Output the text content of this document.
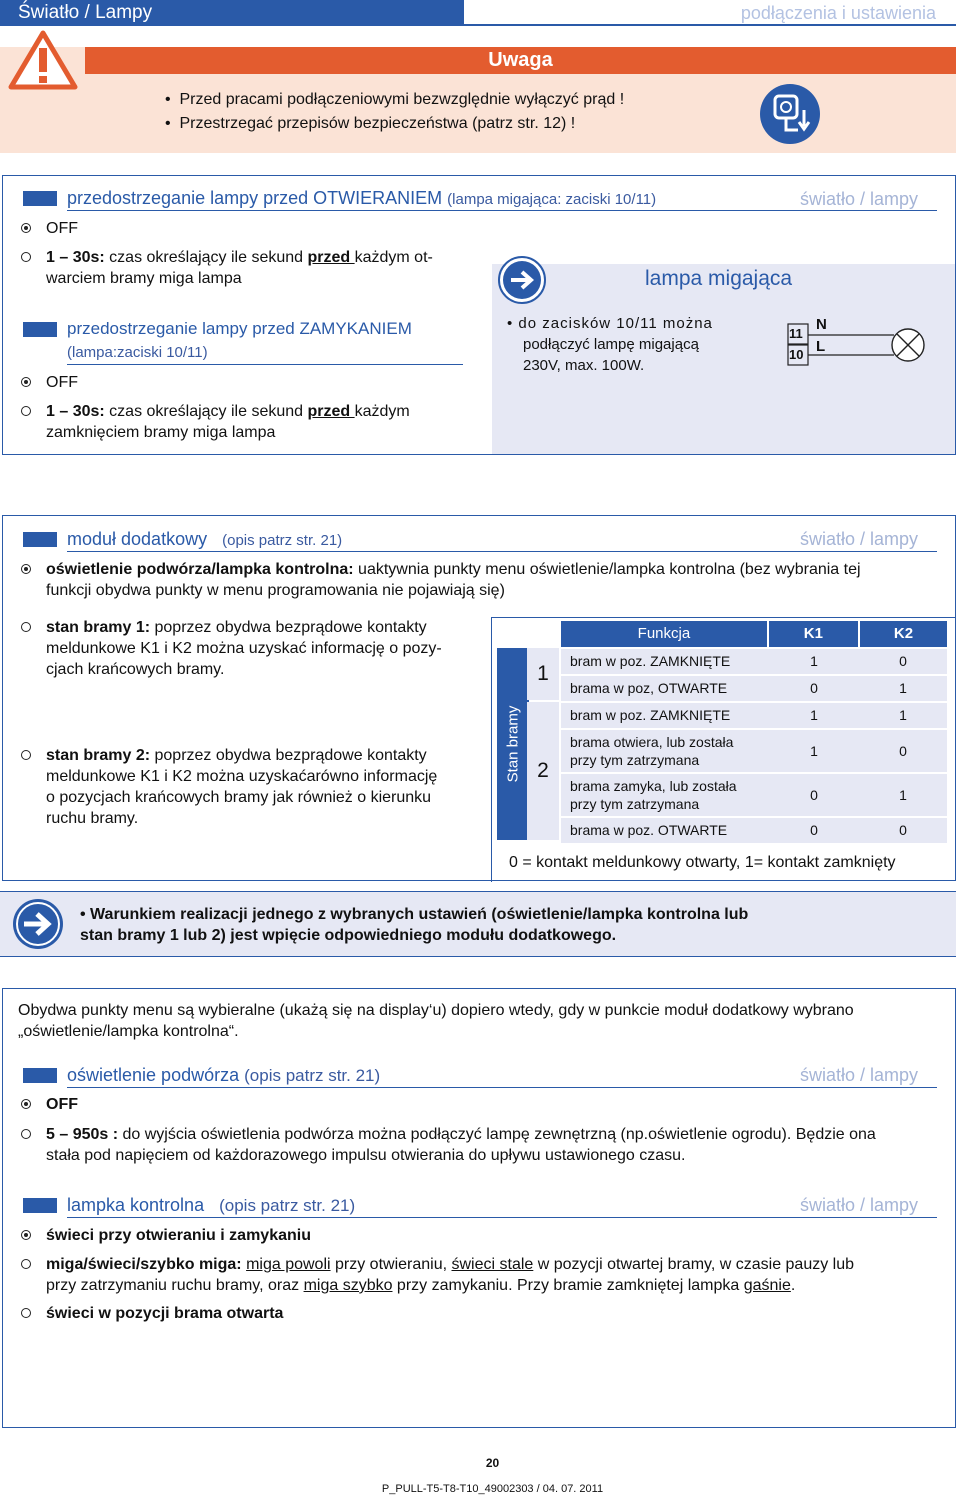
Światło / Lampy	podłączenia i ustawienia
Uwaga
•  Przed pracami podłączeniowymi bezwzględnie wyłączyć prąd !
•  Przestrzegać przepisów bezpieczeństwa (patrz str. 12) !
przedostrzeganie lampy przed OTWIERANIEM (lampa migająca: zaciski 10/11)	światło / lampy
OFF
1 – 30s: czas określający ile sekund przed każdym ot-
warciem bramy miga lampa	lampa migająca
• do zacisków 10/11 można
podłączyć lampę migającą
230V, max. 100W.
11
10
N
L
przedostrzeganie lampy przed ZAMYKANIEM
(lampa:zaciski 10/11)
OFF
1 – 30s: czas określający ile sekund przed każdym
zamknięciem bramy miga lampa
moduł dodatkowy (opis patrz str. 21)	światło / lampy
oświetlenie podwórza/lampka kontrolna: uaktywnia punkty menu oświetlenie/lampka kontrolna (bez wybrania tej
funkcji obydwa punkty w menu programowania nie pojawiają się)
stan bramy 1: poprzez obydwa bezprądowe kontakty
meldunkowe K1 i K2 można uzyskać informację o pozy-
cjach krańcowych bramy.
stan bramy 2: poprzez obydwa bezprądowe kontakty
meldunkowe K1 i K2 można uzyskaćarówno informację
o pozycjach krańcowych bramy jak również o kierunku
ruchu bramy.
Stan bramy
1
2
Funkcja	K1	K2
bram w poz. ZAMKNIĘTE	1	0
brama w poz, OTWARTE	0	1
bram w poz. ZAMKNIĘTE	1	1
brama otwiera, lub została
przy tym zatrzymana
1	0
brama zamyka, lub została
przy tym zatrzymana
0	1
brama w poz. OTWARTE	0	0
0 = kontakt meldunkowy otwarty, 1= kontakt zamknięty
• Warunkiem realizacji jednego z wybranych ustawień (oświetlenie/lampka kontrolna lub
stan bramy 1 lub 2) jest wpięcie odpowiedniego modułu dodatkowego.
Obydwa punkty menu są wybieralne (ukażą się na display‘u) dopiero wtedy, gdy w punkcie moduł dodatkowy wybrano
„oświetlenie/lampka kontrolna“.
oświetlenie podwórza (opis patrz str. 21)	światło / lampy
OFF
5 – 950s : do wyjścia oświetlenia podwórza można podłączyć lampę zewnętrzną (np.oświetlenie ogrodu). Będzie ona
stała pod napięciem od każdorazowego impulsu otwierania do upływu ustawionego czasu.
lampka kontrolna (opis patrz str. 21)	światło / lampy
świeci przy otwieraniu i zamykaniu
miga/świeci/szybko miga: miga powoli przy otwieraniu, świeci stale w pozycji otwartej bramy, w czasie pauzy lub
przy zatrzymaniu ruchu bramy, oraz miga szybko przy zamykaniu. Przy bramie zamkniętej lampka gaśnie.
świeci w pozycji brama otwarta
20
P_PULL-T5-T8-T10_49002303 / 04. 07. 2011
